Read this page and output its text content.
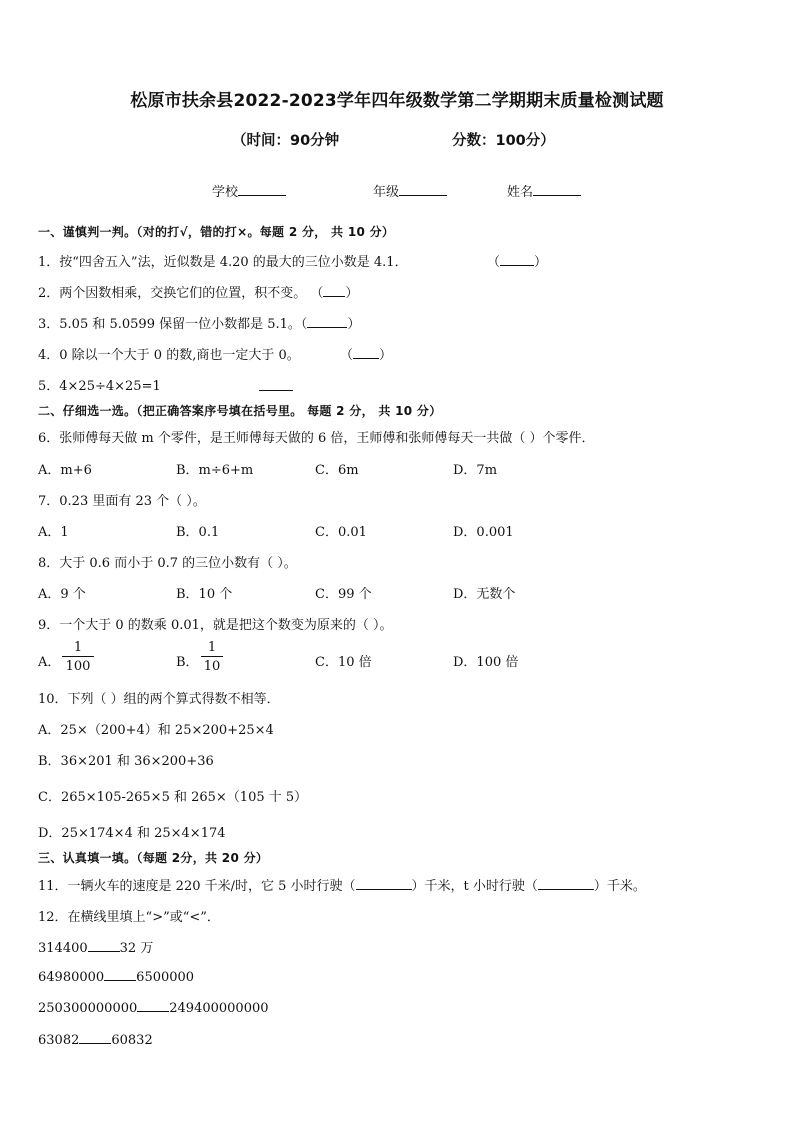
松原市扶余县2022-2023学年四年级数学第二学期期末质量检测试题
（时间：90分钟	分数：100分）
学校	年级	姓名
一、谨慎判一判。（对的打√，错的打×。每题 2 分， 共 10 分）
1．按“四舍五入”法，近似数是 4.20 的最大的三位小数是 4.1．	（	）
2．两个因数相乘，交换它们的位置，积不变。 （ ）
3．5.05 和 5.0599 保留一位小数都是 5.1。（	）
4．0 除以一个大于 0 的数,商也一定大于 0。	（ ）
5．4×25÷4×25=1
二、仔细选一选。（把正确答案序号填在括号里。 每题 2 分， 共 10 分）
6．张师傅每天做 m 个零件，是王师傅每天做的 6 倍，王师傅和张师傅每天一共做（ ）个零件．
A．m+6	B．m÷6+m	C．6m	D．7m
7．0.23 里面有 23 个（ ）。
A．1	B．0.1	C．0.01	D．0.001
8．大于 0.6 而小于 0.7 的三位小数有（ ）。
A．9 个	B．10 个	C．99 个	D．无数个
9．一个大于 0 的数乘 0.01，就是把这个数变为原来的（ ）。
A． $\frac{1}{100}$	B． $\frac{1}{10}$	C．10 倍	D．100 倍
10．下列（ ）组的两个算式得数不相等．
A．25×（200+4）和 25×200+25×4
B．36×201 和 36×200+36
C．265×105-265×5 和 265×（105 十 5）
D．25×174×4 和 25×4×174
三、认真填一填。（每题 2分，共 20 分）
11．一辆火车的速度是 220 千米/时，它 5 小时行驶（	）千米，t 小时行驶（	）千米。
12．在横线里填上“>”或“<”．
314400 32 万
64980000 6500000
250300000000 249400000000
63082 60832
